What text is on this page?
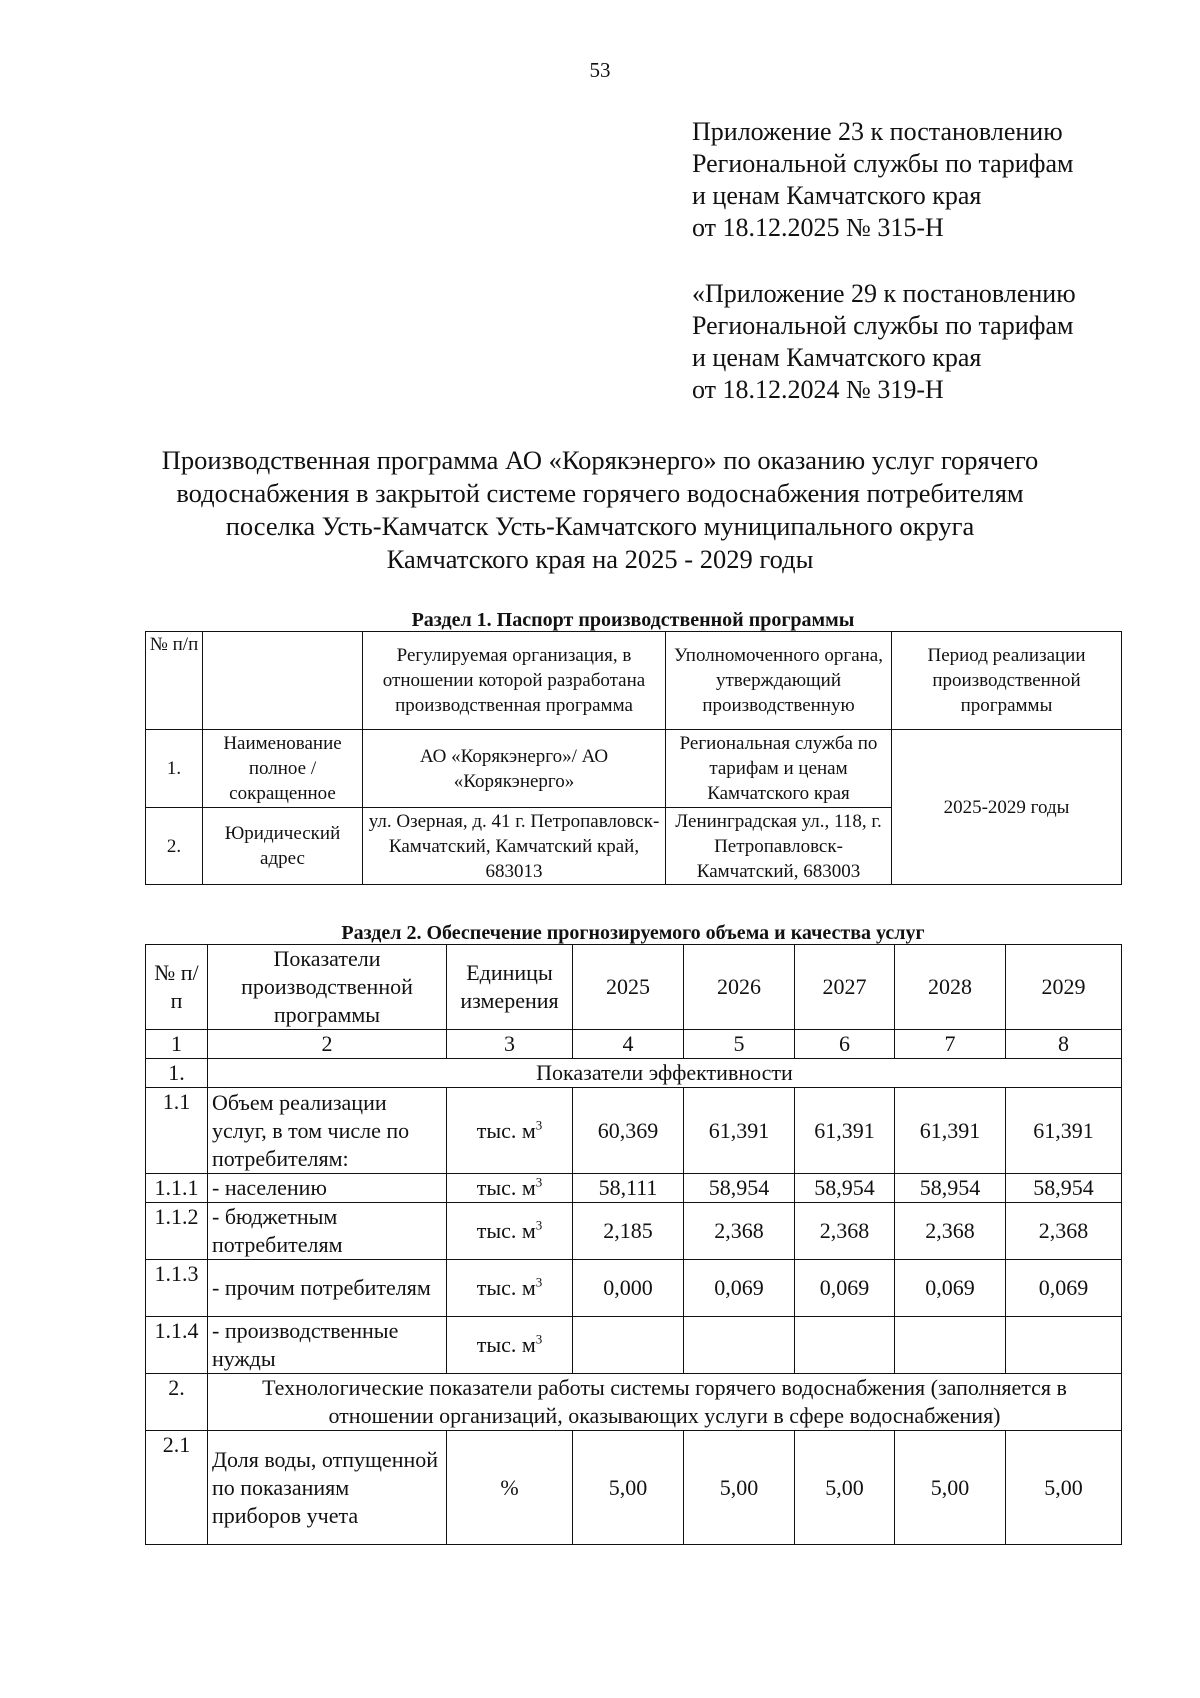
53
Приложение 23 к постановлению
Региональной службы по тарифам
и ценам Камчатского края
от 18.12.2025 № 315-Н
«Приложение 29 к постановлению
Региональной службы по тарифам
и ценам Камчатского края
от 18.12.2024 № 319-Н
Производственная программа АО «Корякэнерго» по оказанию услуг горячего
водоснабжения в закрытой системе горячего водоснабжения потребителям
поселка Усть-Камчатск Усть-Камчатского муниципального округа
Камчатского края на 2025 - 2029 годы
Раздел 1. Паспорт производственной программы
№ п/п		Регулируемая организация, в отношении которой разработана производственная программа	Уполномоченного органа, утверждающий производственную	Период реализации производственной программы
1.	Наименование полное / сокращенное	АО «Корякэнерго»/ АО «Корякэнерго»	Региональная служба по тарифам и ценам Камчатского края	2025-2029 годы
2.	Юридический адрес	ул. Озерная, д. 41 г. Петропавловск-Камчатский, Камчатский край, 683013	Ленинградская ул., 118, г. Петропавловск-Камчатский, 683003	
Раздел 2. Обеспечение прогнозируемого объема и качества услуг
№ п/п	Показатели производственной программы	Единицы измерения	2025	2026	2027	2028	2029
1	2	3	4	5	6	7	8
1.	Показатели эффективности						
1.1	Объем реализации услуг, в том числе по потребителям:	тыс. $м^3$	60,369	61,391	61,391	61,391	61,391
1.1.1	- населению	тыс. $м^3$	58,111	58,954	58,954	58,954	58,954
1.1.2	- бюджетным потребителям	тыс. $м^3$	2,185	2,368	2,368	2,368	2,368
1.1.3	- прочим потребителям	тыс. $м^3$	0,000	0,069	0,069	0,069	0,069
1.1.4	- производственные нужды	тыс. $м^3$					
2.	Технологические показатели работы системы горячего водоснабжения (заполняется в отношении организаций, оказывающих услуги в сфере водоснабжения)						
2.1	Доля воды, отпущенной по показаниям приборов учета	%	5,00	5,00	5,00	5,00	5,00
